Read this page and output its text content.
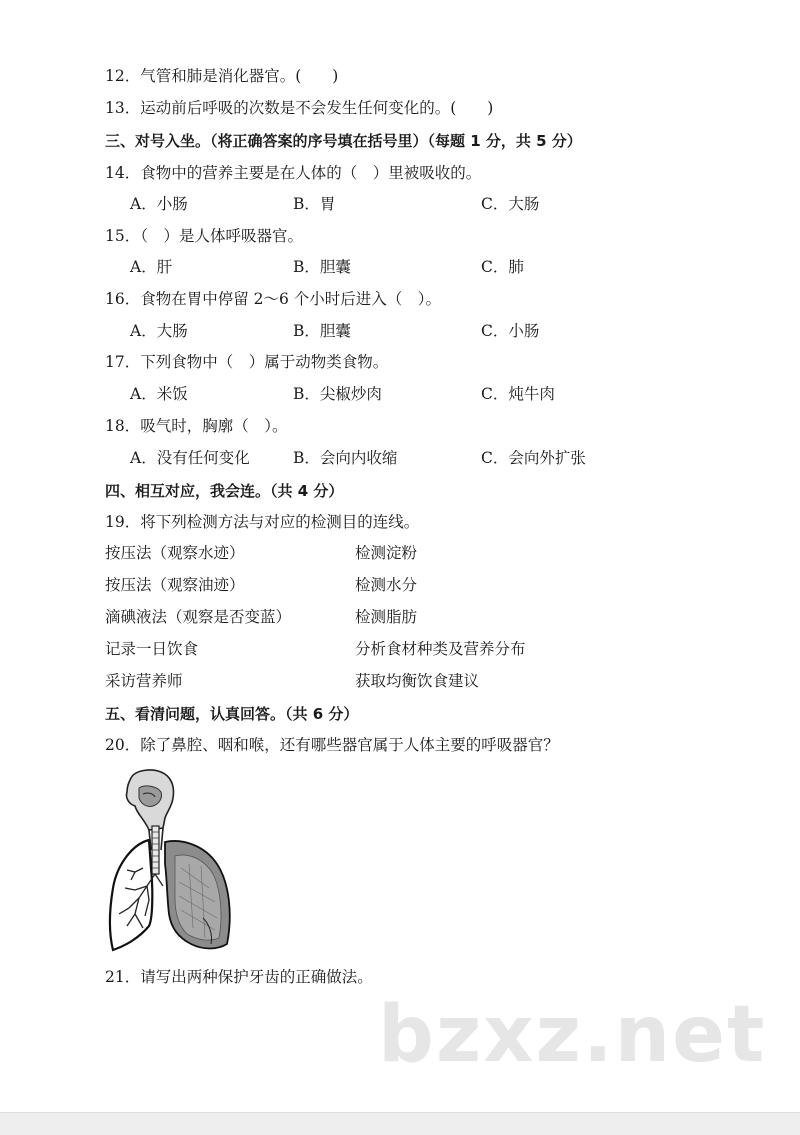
12．气管和肺是消化器官。(　　)
13．运动前后呼吸的次数是不会发生任何变化的。(　　)
三、对号入坐。（将正确答案的序号填在括号里）（每题 1 分，共 5 分）
14．食物中的营养主要是在人体的（　）里被吸收的。
A．小肠	B．胃	C．大肠
15．（　）是人体呼吸器官。
A．肝	B．胆囊	C．肺
16．食物在胃中停留 2～6 个小时后进入（　）。
A．大肠	B．胆囊	C．小肠
17．下列食物中（　）属于动物类食物。
A．米饭	B．尖椒炒肉	C．炖牛肉
18．吸气时，胸廓（　）。
A．没有任何变化	B．会向内收缩	C．会向外扩张
四、相互对应，我会连。（共 4 分）
19．将下列检测方法与对应的检测目的连线。
按压法（观察水迹）	检测淀粉
按压法（观察油迹）	检测水分
滴碘液法（观察是否变蓝）	检测脂肪
记录一日饮食	分析食材种类及营养分布
采访营养师	获取均衡饮食建议
五、看清问题，认真回答。（共 6 分）
20．除了鼻腔、咽和喉，还有哪些器官属于人体主要的呼吸器官？
21．请写出两种保护牙齿的正确做法。
bzxz.net
